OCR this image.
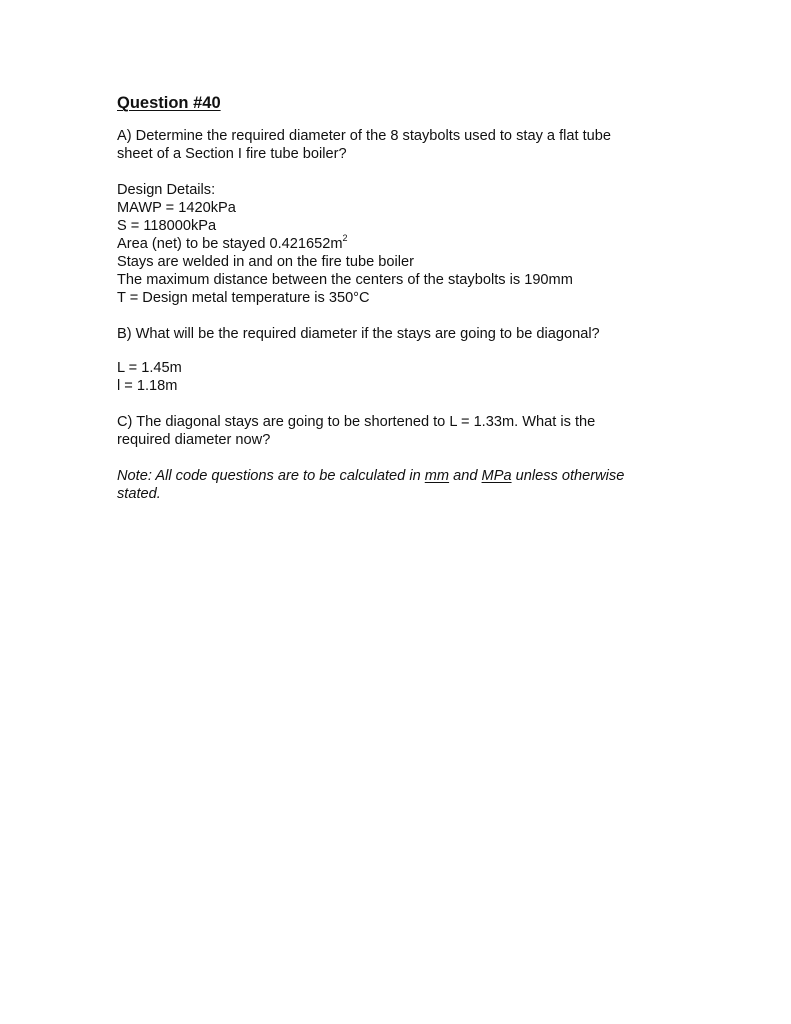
Question #40
A) Determine the required diameter of the 8 staybolts used to stay a flat tube
sheet of a Section I fire tube boiler?
Design Details:
MAWP = 1420kPa
S = 118000kPa
Area (net) to be stayed $0.421652m^2$
Stays are welded in and on the fire tube boiler
The maximum distance between the centers of the staybolts is 190mm
T = Design metal temperature is 350°C
B) What will be the required diameter if the stays are going to be diagonal?
L = 1.45m
l = 1.18m
C) The diagonal stays are going to be shortened to L = 1.33m. What is the
required diameter now?
Note: All code questions are to be calculated in mm and MPa unless otherwise
stated.
